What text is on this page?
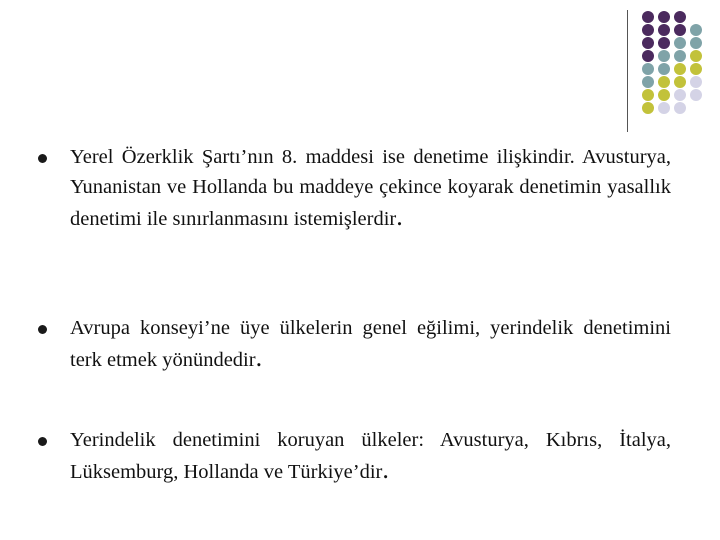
Yerel Özerklik Şartı’nın 8. maddesi ise denetime ilişkindir. Avusturya, Yunanistan ve Hollanda bu maddeye çekince koyarak denetimin yasallık denetimi ile sınırlanmasını istemişlerdir.

Avrupa konseyi’ne üye ülkelerin genel eğilimi, yerindelik denetimini terk etmek yönündedir.

Yerindelik denetimini koruyan ülkeler: Avusturya, Kıbrıs, İtalya, Lüksemburg, Hollanda ve Türkiye’dir.
